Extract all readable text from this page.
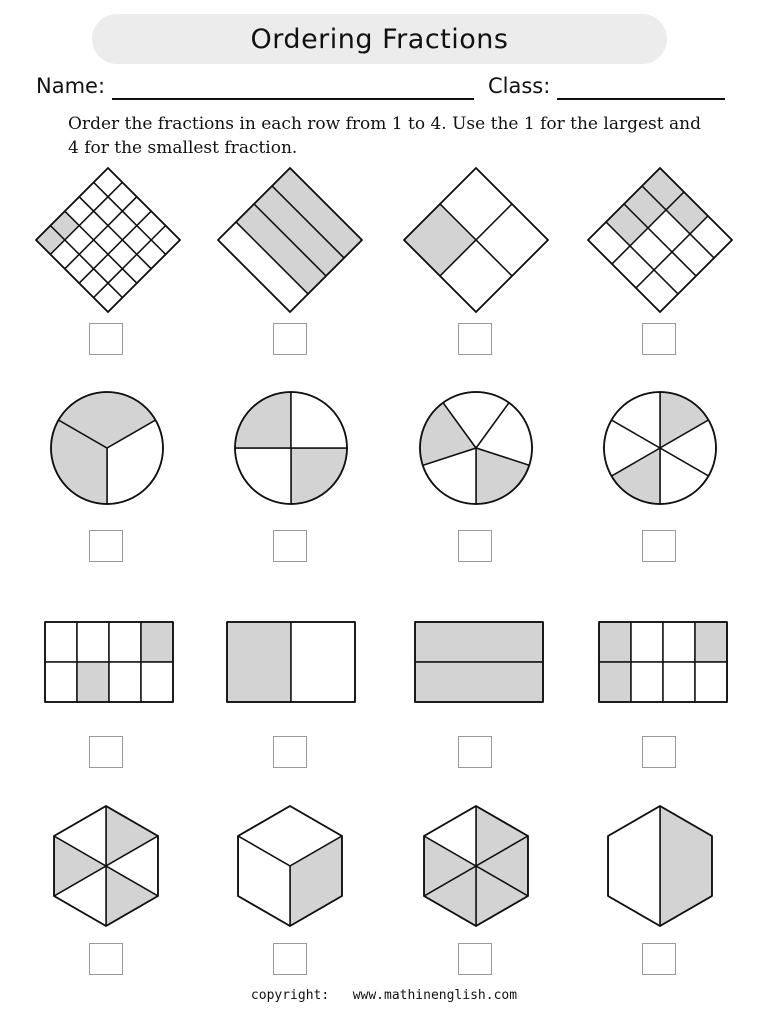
Ordering Fractions
Name:	Class:
Order the fractions in each row from 1 to 4. Use the 1 for the largest and 4 for the smallest fraction.
copyright: www.mathinenglish.com
